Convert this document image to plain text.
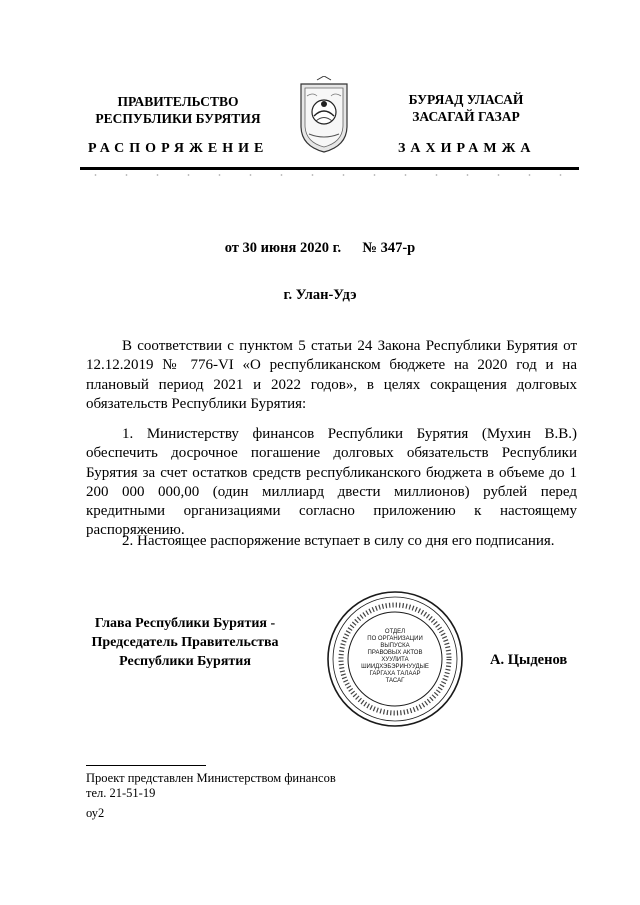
ПРАВИТЕЛЬСТВО
РЕСПУБЛИКИ БУРЯТИЯ
БУРЯАД УЛАСАЙ
ЗАСАГАЙ ГАЗАР
РАСПОРЯЖЕНИЕ	ЗАХИРАМЖА
от 30 июня 2020 г. № 347-р
г. Улан-Удэ
В соответствии с пунктом 5 статьи 24 Закона Республики Бурятия от 12.12.2019 № 776-VI «О республиканском бюджете на 2020 год и на плановый период 2021 и 2022 годов», в целях сокращения долговых обязательств Республики Бурятия:
1. Министерству финансов Республики Бурятия (Мухин В.В.) обеспечить досрочное погашение долговых обязательств Республики Бурятия за счет остатков средств республиканского бюджета в объеме до 1 200 000 000,00 (один миллиард двести миллионов) рублей перед кредитными организациями согласно приложению к настоящему распоряжению.
2. Настоящее распоряжение вступает в силу со дня его подписания.
Глава Республики Бурятия -
Председатель Правительства
Республики Бурятия
ОТДЕЛ
ПО ОРГАНИЗАЦИИ
ВЫПУСКА
ПРАВОВЫХ АКТОВ
ХУУЛИТА
ШИИДХЭБЭРИНУУДЫЕ
ГАРГАХА ТАЛААР
ТАСАГ
А. Цыденов
Проект представлен Министерством финансов
тел. 21-51-19
оу2
